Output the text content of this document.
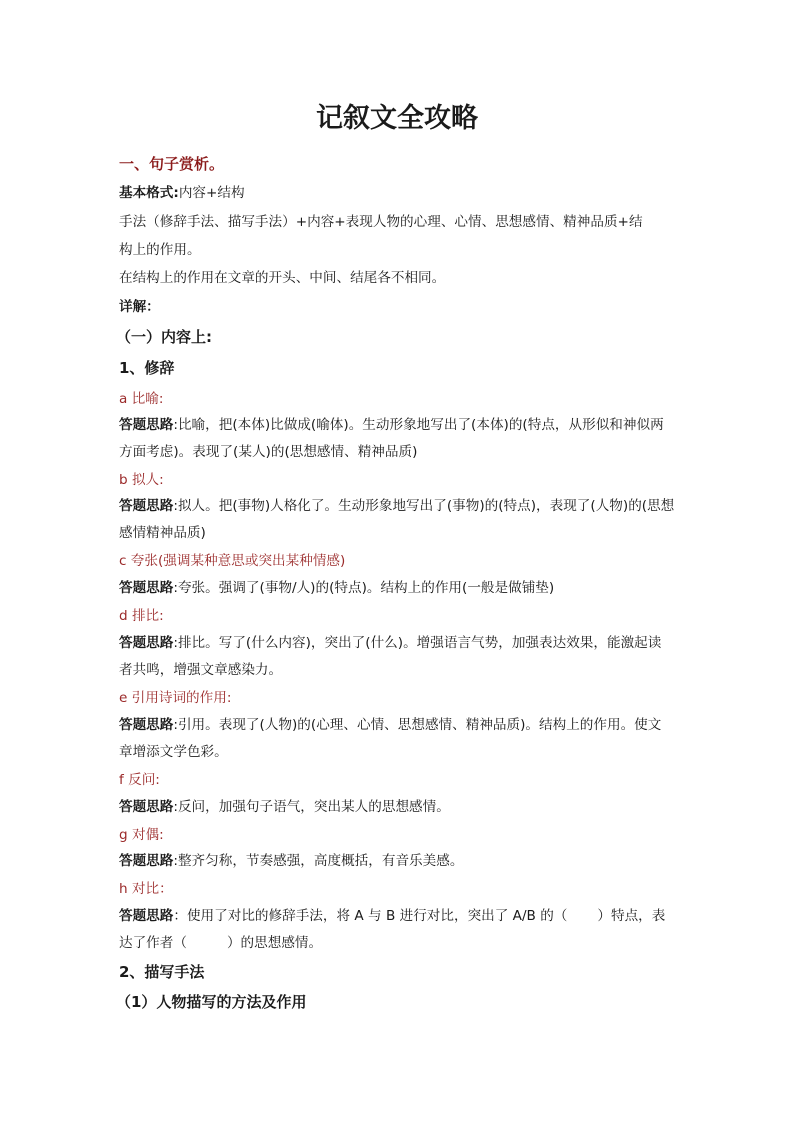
记叙文全攻略
一、句子赏析。
基本格式:内容+结构
手法（修辞手法、描写手法）+内容+表现人物的心理、心情、思想感情、精神品质+结
构上的作用。
在结构上的作用在文章的开头、中间、结尾各不相同。
详解：
（一）内容上:
1、修辞
a 比喻:
答题思路:比喻，把(本体)比做成(喻体)。生动形象地写出了(本体)的(特点，从形似和神似两
方面考虑)。表现了(某人)的(思想感情、精神品质)
b 拟人:
答题思路:拟人。把(事物)人格化了。生动形象地写出了(事物)的(特点)，表现了(人物)的(思想
感情精神品质)
c 夸张(强调某种意思或突出某种情感)
答题思路:夸张。强调了(事物/人)的(特点)。结构上的作用(一般是做铺垫)
d 排比:
答题思路:排比。写了(什么内容)，突出了(什么)。增强语言气势，加强表达效果，能激起读
者共鸣，增强文章感染力。
e 引用诗词的作用:
答题思路:引用。表现了(人物)的(心理、心情、思想感情、精神品质)。结构上的作用。使文
章增添文学色彩。
f 反问:
答题思路:反问，加强句子语气，突出某人的思想感情。
g 对偶:
答题思路:整齐匀称，节奏感强，高度概括，有音乐美感。
h 对比：
答题思路：使用了对比的修辞手法，将 A 与 B 进行对比，突出了 A/B 的（ ）特点，表
达了作者（	）的思想感情。
2、描写手法
（1）人物描写的方法及作用
